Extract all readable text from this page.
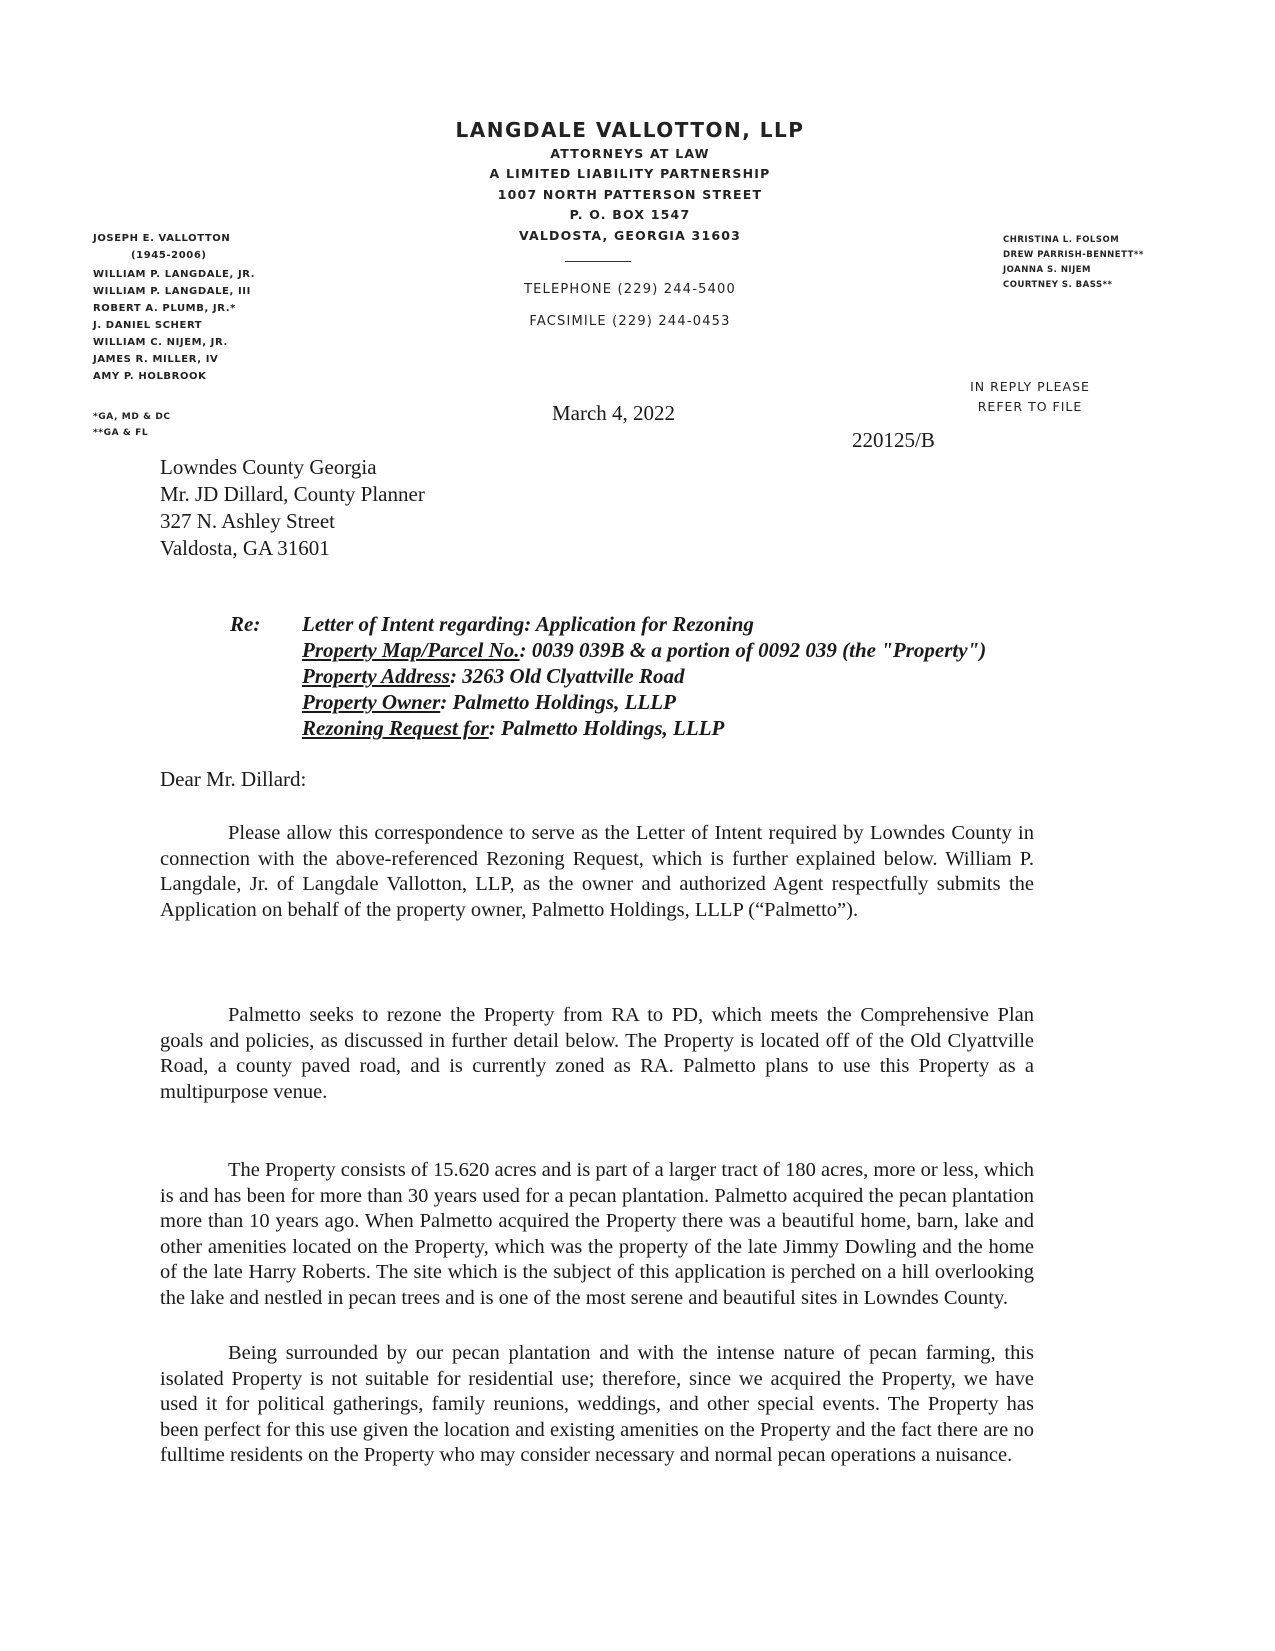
LANGDALE VALLOTTON, LLP
ATTORNEYS AT LAW
A LIMITED LIABILITY PARTNERSHIP
1007 NORTH PATTERSON STREET
P. O. BOX 1547
VALDOSTA, GEORGIA 31603
TELEPHONE (229) 244-5400
FACSIMILE (229) 244-0453
JOSEPH E. VALLOTTON
(1945-2006)
WILLIAM P. LANGDALE, JR.
WILLIAM P. LANGDALE, III
ROBERT A. PLUMB, JR.*
J. DANIEL SCHERT
WILLIAM C. NIJEM, JR.
JAMES R. MILLER, IV
AMY P. HOLBROOK
*GA, MD & DC
**GA & FL
CHRISTINA L. FOLSOM
DREW PARRISH-BENNETT**
JOANNA S. NIJEM
COURTNEY S. BASS**
IN REPLY PLEASE
REFER TO FILE
March 4, 2022
220125/B
Lowndes County Georgia
Mr. JD Dillard, County Planner
327 N. Ashley Street
Valdosta, GA 31601
Re: Letter of Intent regarding: Application for Rezoning
Property Map/Parcel No.: 0039 039B & a portion of 0092 039 (the "Property")
Property Address: 3263 Old Clyattville Road
Property Owner: Palmetto Holdings, LLLP
Rezoning Request for: Palmetto Holdings, LLLP
Dear Mr. Dillard:

Please allow this correspondence to serve as the Letter of Intent required by Lowndes County in connection with the above-referenced Rezoning Request, which is further explained below. William P. Langdale, Jr. of Langdale Vallotton, LLP, as the owner and authorized Agent respectfully submits the Application on behalf of the property owner, Palmetto Holdings, LLLP (“Palmetto”).

Palmetto seeks to rezone the Property from RA to PD, which meets the Comprehensive Plan goals and policies, as discussed in further detail below. The Property is located off of the Old Clyattville Road, a county paved road, and is currently zoned as RA. Palmetto plans to use this Property as a multipurpose venue.

The Property consists of 15.620 acres and is part of a larger tract of 180 acres, more or less, which is and has been for more than 30 years used for a pecan plantation. Palmetto acquired the pecan plantation more than 10 years ago. When Palmetto acquired the Property there was a beautiful home, barn, lake and other amenities located on the Property, which was the property of the late Jimmy Dowling and the home of the late Harry Roberts. The site which is the subject of this application is perched on a hill overlooking the lake and nestled in pecan trees and is one of the most serene and beautiful sites in Lowndes County.

Being surrounded by our pecan plantation and with the intense nature of pecan farming, this isolated Property is not suitable for residential use; therefore, since we acquired the Property, we have used it for political gatherings, family reunions, weddings, and other special events. The Property has been perfect for this use given the location and existing amenities on the Property and the fact there are no fulltime residents on the Property who may consider necessary and normal pecan operations a nuisance.
